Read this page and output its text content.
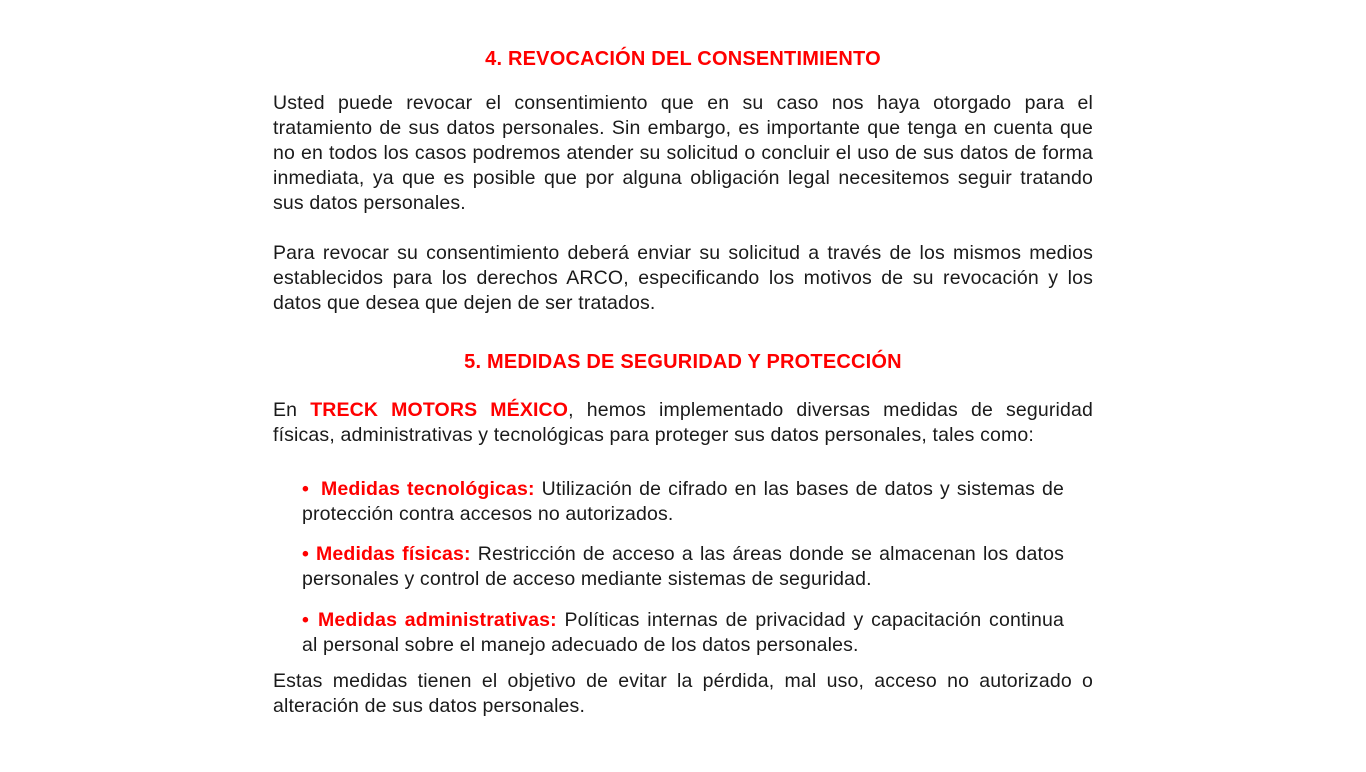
4. REVOCACIÓN DEL CONSENTIMIENTO

Usted puede revocar el consentimiento que en su caso nos haya otorgado para el tratamiento de sus datos personales. Sin embargo, es importante que tenga en cuenta que no en todos los casos podremos atender su solicitud o concluir el uso de sus datos de forma inmediata, ya que es posible que por alguna obligación legal necesitemos seguir tratando sus datos personales.

Para revocar su consentimiento deberá enviar su solicitud a través de los mismos medios establecidos para los derechos ARCO, especificando los motivos de su revocación y los datos que desea que dejen de ser tratados.

5. MEDIDAS DE SEGURIDAD Y PROTECCIÓN

En TRECK MOTORS MÉXICO, hemos implementado diversas medidas de seguridad físicas, administrativas y tecnológicas para proteger sus datos personales, tales como:

• Medidas tecnológicas: Utilización de cifrado en las bases de datos y sistemas de protección contra accesos no autorizados.
• Medidas físicas: Restricción de acceso a las áreas donde se almacenan los datos personales y control de acceso mediante sistemas de seguridad.
• Medidas administrativas: Políticas internas de privacidad y capacitación continua al personal sobre el manejo adecuado de los datos personales.

Estas medidas tienen el objetivo de evitar la pérdida, mal uso, acceso no autorizado o alteración de sus datos personales.
